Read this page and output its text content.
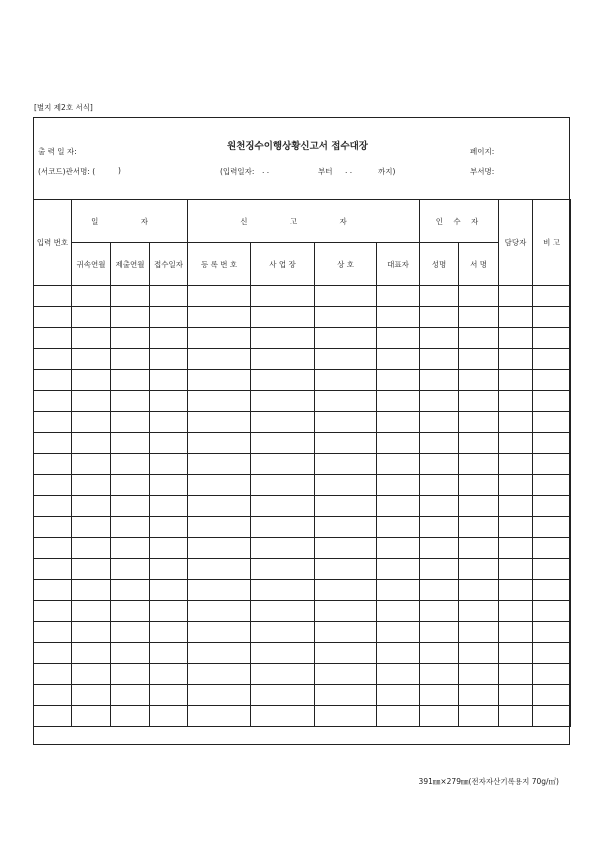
[별지 제2호 서식]
원천징수이행상황신고서 접수대장
출 력 일 자:	페이지:
(서코드)관서명: (	)	(입력일자: . .	부터 . .	까지)	부서명:
입력 번호	일 자			신 고 자				인 수 자		담당자	비 고
	귀속연월	제출연월	접수일자	등 록 번 호	사 업 장	상 호	대표자	성명	서 명		

391㎜×279㎜(전자자산기록용지 70g/㎡)
